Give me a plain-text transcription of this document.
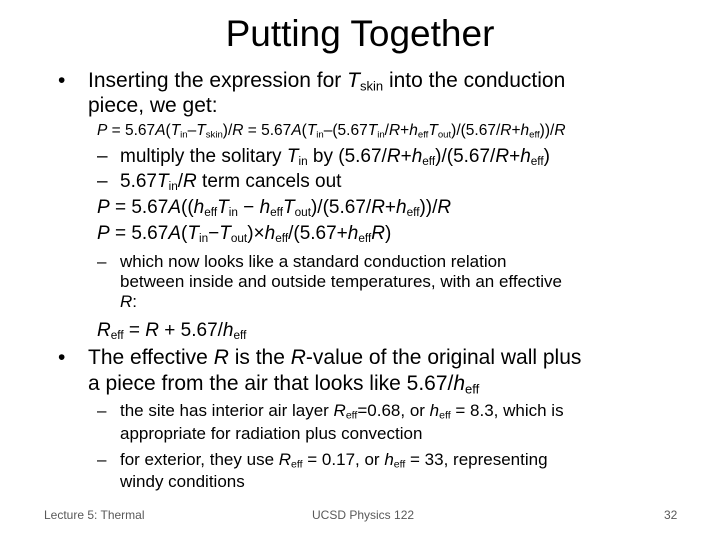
Putting Together
• Inserting the expression for $T_{skin}$ into the conduction
piece, we get:
$P = 5.67A(T_{in}-T_{skin})/R = 5.67A(T_{in}-(5.67T_{in}/R+h_{eff}T_{out})/(5.67/R+h_{eff}))/R$
– multiply the solitary $T_{in}$ by $(5.67/R+h_{eff})/(5.67/R+h_{eff})$
– $5.67T_{in}/R$ term cancels out
$P = 5.67A((h_{eff}T_{in} - h_{eff}T_{out})/(5.67/R+h_{eff}))/R$
$P = 5.67A(T_{in}-T_{out})\times h_{eff}/(5.67+h_{eff}R)$
– which now looks like a standard conduction relation
between inside and outside temperatures, with an effective
R:
$R_{eff} = R + 5.67/h_{eff}$
• The effective R is the R-value of the original wall plus
a piece from the air that looks like $5.67/h_{eff}$
– the site has interior air layer $R_{eff}=0.68$, or $h_{eff} = 8.3$, which is
appropriate for radiation plus convection
– for exterior, they use $R_{eff} = 0.17$, or $h_{eff} = 33$, representing
windy conditions
Lecture 5: Thermal	UCSD Physics 122	32
